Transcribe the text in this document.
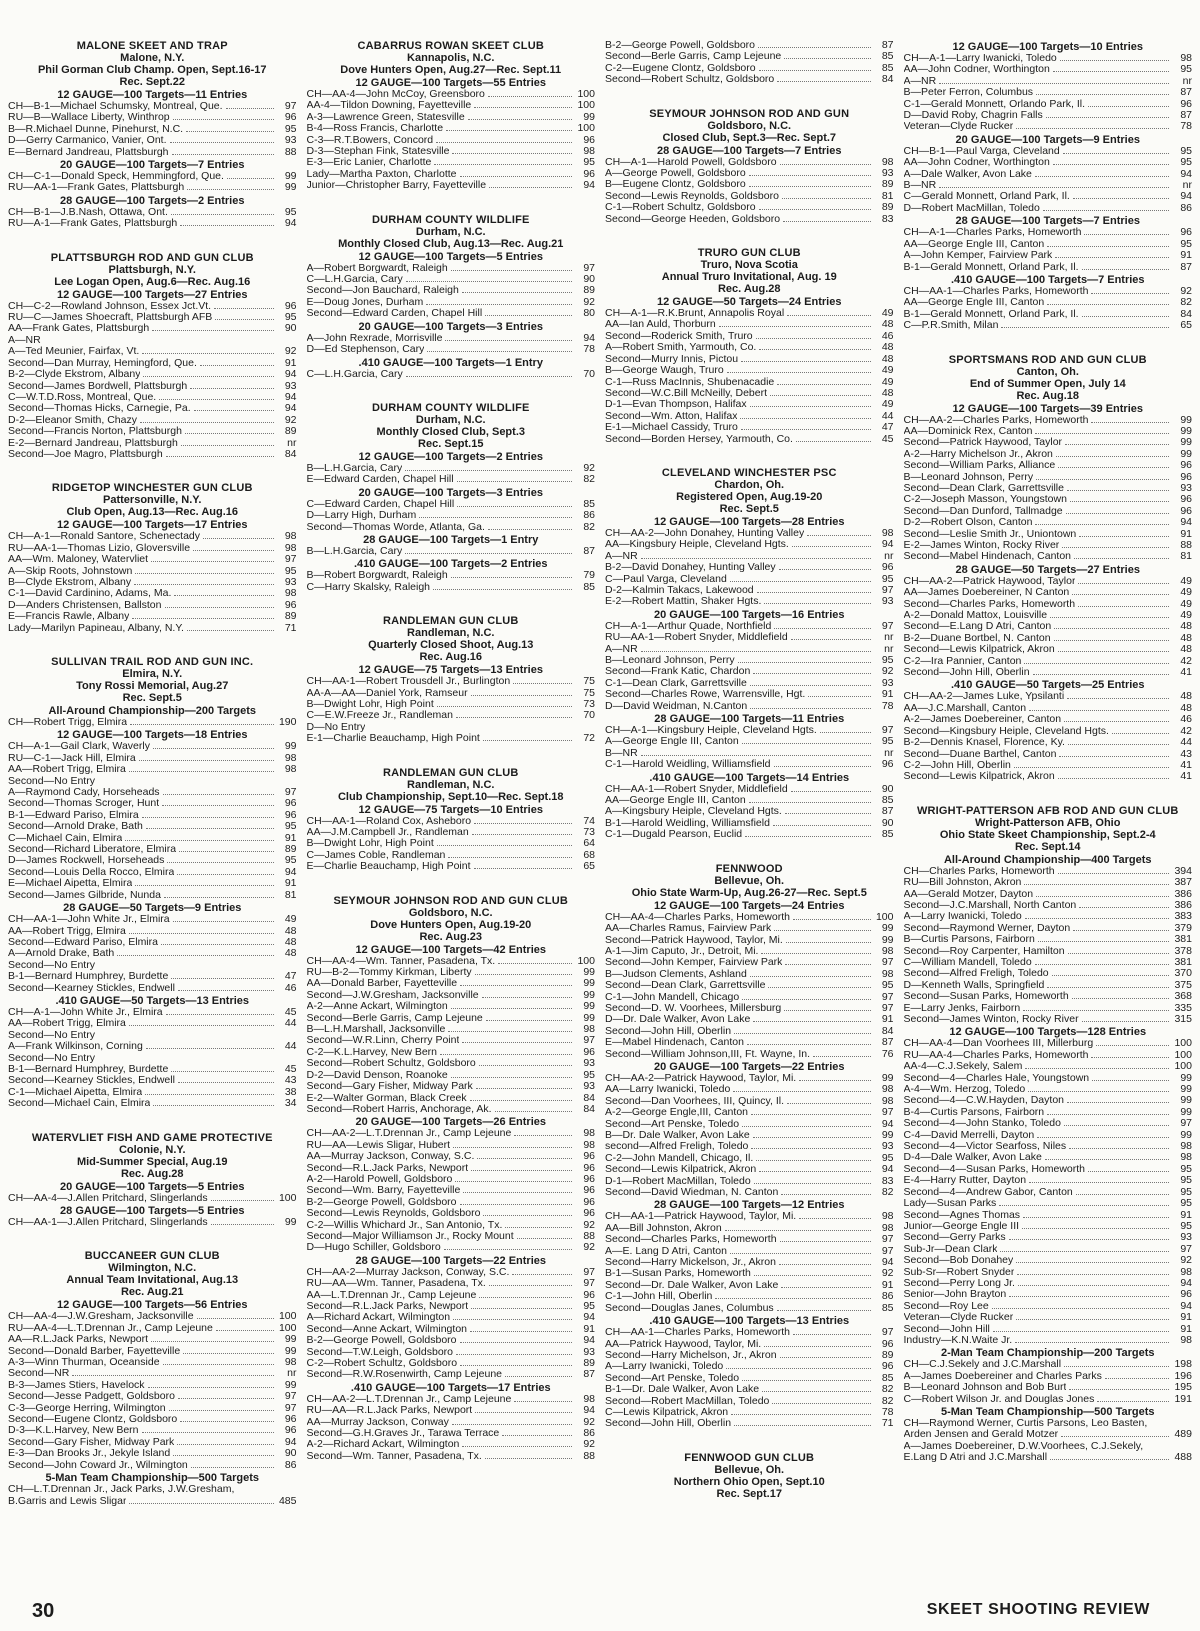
MALONE SKEET AND TRAP
Malone, N.Y.
Phil Gorman Club Champ. Open, Sept.16-17
Rec. Sept.22
12 GAUGE—100 Targets—11 Entries
CH—B-1—Michael Schumsky, Montreal, Que.	97
RU—B—Wallace Liberty, Winthrop	96
B—R.Michael Dunne, Pinehurst, N.C.	95
D—Gerry Carmanico, Vanier, Ont.	93
E—Bernard Jandreau, Plattsburgh	88
20 GAUGE—100 Targets—7 Entries
CH—C-1—Donald Speck, Hemmingford, Que.	99
RU—AA-1—Frank Gates, Plattsburgh	99
28 GAUGE—100 Targets—2 Entries
CH—B-1—J.B.Nash, Ottawa, Ont.	95
RU—A-1—Frank Gates, Plattsburgh	94
PLATTSBURGH ROD AND GUN CLUB
Plattsburgh, N.Y.
Lee Logan Open, Aug.6—Rec. Aug.16
12 GAUGE—100 Targets—27 Entries
CH—C-2—Rowland Johnson, Essex Jct.Vt.	96
RU—C—James Shoecraft, Plattsburgh AFB	95
AA—Frank Gates, Plattsburgh	90
A—NR
A—Ted Meunier, Fairfax, Vt.	92
Second—Dan Murray, Hemingford, Que.	91
B-2—Clyde Ekstrom, Albany	94
Second—James Bordwell, Plattsburgh	93
C—W.T.D.Ross, Montreal, Que.	94
Second—Thomas Hicks, Carnegie, Pa.	94
D-2—Eleanor Smith, Chazy	92
Second—Francis Norton, Plattsburgh	89
E-2—Bernard Jandreau, Plattsburgh	nr
Second—Joe Magro, Plattsburgh	84
RIDGETOP WINCHESTER GUN CLUB
Pattersonville, N.Y.
Club Open, Aug.13—Rec. Aug.16
12 GAUGE—100 Targets—17 Entries
CH—A-1—Ronald Santore, Schenectady	98
RU—AA-1—Thomas Lizio, Gloversville	98
AA—Wm. Maloney, Watervliet	97
A—Skip Roots, Johnstown	95
B—Clyde Ekstrom, Albany	93
C-1—David Cardinino, Adams, Ma.	98
D—Anders Christensen, Ballston	96
E—Francis Rawle, Albany	89
Lady—Marilyn Papineau, Albany, N.Y.	71
SULLIVAN TRAIL ROD AND GUN INC.
Elmira, N.Y.
Tony Rossi Memorial, Aug.27
Rec. Sept.5
All-Around Championship—200 Targets
CH—Robert Trigg, Elmira	190
12 GAUGE—100 Targets—18 Entries
CH—A-1—Gail Clark, Waverly	99
RU—C-1—Jack Hill, Elmira	98
AA—Robert Trigg, Elmira	98
Second—No Entry
A—Raymond Cady, Horseheads	97
Second—Thomas Scroger, Hunt	96
B-1—Edward Pariso, Elmira	96
Second—Arnold Drake, Bath	95
C—Michael Cain, Elmira	91
Second—Richard Liberatore, Elmira	89
D—James Rockwell, Horseheads	95
Second—Louis Della Rocco, Elmira	94
E—Michael Aipetta, Elmira	91
Second—James Gilbride, Nunda	81
28 GAUGE—50 Targets—9 Entries
CH—AA-1—John White Jr., Elmira	49
AA—Robert Trigg, Elmira	48
Second—Edward Pariso, Elmira	48
A—Arnold Drake, Bath	48
Second—No Entry
B-1—Bernard Humphrey, Burdette	47
Second—Kearney Stickles, Endwell	46
.410 GAUGE—50 Targets—13 Entries
CH—A-1—John White Jr., Elmira	45
AA—Robert Trigg, Elmira	44
Second—No Entry
A—Frank Wilkinson, Corning	44
Second—No Entry
B-1—Bernard Humphrey, Burdette	45
Second—Kearney Stickles, Endwell	43
C-1—Michael Aipetta, Elmira	38
Second—Michael Cain, Elmira	34
WATERVLIET FISH AND GAME PROTECTIVE
Colonie, N.Y.
Mid-Summer Special, Aug.19
Rec. Aug.28
20 GAUGE—100 Targets—5 Entries
CH—AA-4—J.Allen Pritchard, Slingerlands	100
28 GAUGE—100 Targets—5 Entries
CH—AA-1—J.Allen Pritchard, Slingerlands	99
BUCCANEER GUN CLUB
Wilmington, N.C.
Annual Team Invitational, Aug.13
Rec. Aug.21
12 GAUGE—100 Targets—56 Entries
CH—AA-4—J.W.Gresham, Jacksonville	100
RU—AA-4—L.T.Drennan Jr., Camp Lejeune	100
AA—R.L.Jack Parks, Newport	99
Second—Donald Barber, Fayetteville	99
A-3—Winn Thurman, Oceanside	98
Second—NR	nr
B-3—James Stiers, Havelock	99
Second—Jesse Padgett, Goldsboro	97
C-3—George Herring, Wilmington	97
Second—Eugene Clontz, Goldsboro	96
D-3—K.L.Harvey, New Bern	96
Second—Gary Fisher, Midway Park	94
E-3—Dan Brooks Jr., Jekyle Island	90
Second—John Coward Jr., Wilmington	86
5-Man Team Championship—500 Targets
CH—L.T.Drennan Jr., Jack Parks, J.W.Gresham,
B.Garris and Lewis Sligar	485
CABARRUS ROWAN SKEET CLUB
Kannapolis, N.C.
Dove Hunters Open, Aug.27—Rec. Sept.11
12 GAUGE—100 Targets—55 Entries
CH—AA-4—John McCoy, Greensboro	100
AA-4—Tildon Downing, Fayetteville	100
A-3—Lawrence Green, Statesville	99
B-4—Ross Francis, Charlotte	100
C-3—R.T.Bowers, Concord	96
D-3—Stephan Fink, Statesville	98
E-3—Eric Lanier, Charlotte	95
Lady—Martha Paxton, Charlotte	96
Junior—Christopher Barry, Fayetteville	94
DURHAM COUNTY WILDLIFE
Durham, N.C.
Monthly Closed Club, Aug.13—Rec. Aug.21
12 GAUGE—100 Targets—5 Entries
A—Robert Borgwardt, Raleigh	97
C—L.H.Garcia, Cary	90
Second—Jon Bauchard, Raleigh	89
E—Doug Jones, Durham	92
Second—Edward Carden, Chapel Hill	80
20 GAUGE—100 Targets—3 Entries
A—John Rexrade, Morrisville	94
D—Ed Stephenson, Cary	78
.410 GAUGE—100 Targets—1 Entry
C—L.H.Garcia, Cary	70
DURHAM COUNTY WILDLIFE
Durham, N.C.
Monthly Closed Club, Sept.3
Rec. Sept.15
12 GAUGE—100 Targets—2 Entries
B—L.H.Garcia, Cary	92
E—Edward Carden, Chapel Hill	82
20 GAUGE—100 Targets—3 Entries
C—Edward Carden, Chapel Hill	85
D—Larry High, Durham	86
Second—Thomas Worde, Atlanta, Ga.	82
28 GAUGE—100 Targets—1 Entry
B—L.H.Garcia, Cary	87
.410 GAUGE—100 Targets—2 Entries
B—Robert Borgwardt, Raleigh	79
C—Harry Skalsky, Raleigh	85
RANDLEMAN GUN CLUB
Randleman, N.C.
Quarterly Closed Shoot, Aug.13
Rec. Aug.16
12 GAUGE—75 Targets—13 Entries
CH—AA-1—Robert Trousdell Jr., Burlington	75
AA-A—AA—Daniel York, Ramseur	75
B—Dwight Lohr, High Point	73
C—E.W.Freeze Jr., Randleman	70
D—No Entry
E-1—Charlie Beauchamp, High Point	72
RANDLEMAN GUN CLUB
Randleman, N.C.
Club Championship, Sept.10—Rec. Sept.18
12 GAUGE—75 Targets—10 Entries
CH—AA-1—Roland Cox, Asheboro	74
AA—J.M.Campbell Jr., Randleman	73
B—Dwight Lohr, High Point	64
C—James Coble, Randleman	68
E—Charlie Beauchamp, High Point	65
SEYMOUR JOHNSON ROD AND GUN CLUB
Goldsboro, N.C.
Dove Hunters Open, Aug.19-20
Rec. Aug.23
12 GAUGE—100 Targets—42 Entries
CH—AA-4—Wm. Tanner, Pasadena, Tx.	100
RU—B-2—Tommy Kirkman, Liberty	99
AA—Donald Barber, Fayetteville	99
Second—J.W.Gresham, Jacksonville	99
A-2—Anne Ackart, Wilmington	99
Second—Berle Garris, Camp Lejeune	99
B—L.H.Marshall, Jacksonville	98
Second—W.R.Linn, Cherry Point	97
C-2—K.L.Harvey, New Bern	96
Second—Robert Schultz, Goldsboro	93
D-2—David Denson, Roanoke	95
Second—Gary Fisher, Midway Park	93
E-2—Walter Gorman, Black Creek	84
Second—Robert Harris, Anchorage, Ak.	84
20 GAUGE—100 Targets—26 Entries
CH—AA-2—L.T.Drennan Jr., Camp Lejeune	98
RU—AA—Lewis Sligar, Hubert	98
AA—Murray Jackson, Conway, S.C.	96
Second—R.L.Jack Parks, Newport	96
A-2—Harold Powell, Goldsboro	96
Second—Wm. Barry, Fayetteville	96
B-2—George Powell, Goldsboro	96
Second—Lewis Reynolds, Goldsboro	96
C-2—Willis Whichard Jr., San Antonio, Tx.	92
Second—Major Williamson Jr., Rocky Mount	88
D—Hugo Schiller, Goldsboro	92
28 GAUGE—100 Targets—22 Entries
CH—AA-2—Murray Jackson, Conway, S.C.	97
RU—AA—Wm. Tanner, Pasadena, Tx.	97
AA—L.T.Drennan Jr., Camp Lejeune	96
Second—R.L.Jack Parks, Newport	95
A—Richard Ackart, Wilmington	94
Second—Anne Ackart, Wilmington	91
B-2—George Powell, Goldsboro	94
Second—T.W.Leigh, Goldsboro	93
C-2—Robert Schultz, Goldsboro	89
Second—R.W.Rosenwirth, Camp Lejeune	87
.410 GAUGE—100 Targets—17 Entries
CH—AA-2—L.T.Drennan Jr., Camp Lejeune	98
RU—AA—R.L.Jack Parks, Newport	94
AA—Murray Jackson, Conway	92
Second—G.H.Graves Jr., Tarawa Terrace	86
A-2—Richard Ackart, Wilmington	92
Second—Wm. Tanner, Pasadena, Tx.	88
B-2—George Powell, Goldsboro	87
Second—Berle Garris, Camp Lejeune	85
C-2—Eugene Clontz, Goldsboro	85
Second—Robert Schultz, Goldsboro	84
SEYMOUR JOHNSON ROD AND GUN
Goldsboro, N.C.
Closed Club, Sept.3—Rec. Sept.7
28 GAUGE—100 Targets—7 Entries
CH—A-1—Harold Powell, Goldsboro	98
A—George Powell, Goldsboro	93
B—Eugene Clontz, Goldsboro	89
Second—Lewis Reynolds, Goldsboro	81
C-1—Robert Schultz, Goldsboro	89
Second—George Heeden, Goldsboro	83
TRURO GUN CLUB
Truro, Nova Scotia
Annual Truro Invitational, Aug. 19
Rec. Aug.28
12 GAUGE—50 Targets—24 Entries
CH—A-1—R.K.Brunt, Annapolis Royal	49
AA—Ian Auld, Thorburn	48
Second—Roderick Smith, Truro	46
A—Robert Smith, Yarmouth, Co.	48
Second—Murry Innis, Pictou	48
B—George Waugh, Truro	49
C-1—Russ MacInnis, Shubenacadie	49
Second—W.C.Bill McNeilly, Debert	48
D-1—Evan Thompson, Halifax	49
Second—Wm. Atton, Halifax	44
E-1—Michael Cassidy, Truro	47
Second—Borden Hersey, Yarmouth, Co.	45
CLEVELAND WINCHESTER PSC
Chardon, Oh.
Registered Open, Aug.19-20
Rec. Sept.5
12 GAUGE—100 Targets—28 Entries
CH—AA-2—John Donahey, Hunting Valley	98
AA—Kingsbury Heiple, Cleveland Hgts.	94
A—NR	nr
B-2—David Donahey, Hunting Valley	96
C—Paul Varga, Cleveland	95
D-2—Kalmin Takacs, Lakewood	97
E-2—Robert Mattin, Shaker Hgts.	93
20 GAUGE—100 Targets—16 Entries
CH—A-1—Arthur Quade, Northfield	97
RU—AA-1—Robert Snyder, Middlefield	nr
A—NR	nr
B—Leonard Johnson, Perry	95
Second—Frank Katic, Chardon	92
C-1—Dean Clark, Garrettsville	93
Second—Charles Rowe, Warrensville, Hgt.	91
D—David Weidman, N.Canton	78
28 GAUGE—100 Targets—11 Entries
CH—A-1—Kingsbury Heiple, Cleveland Hgts.	97
A—George Engle III, Canton	95
B—NR	nr
C-1—Harold Weidling, Williamsfield	96
.410 GAUGE—100 Targets—14 Entries
CH—AA-1—Robert Snyder, Middlefield	90
AA—George Engle III, Canton	85
A—Kingsbury Heiple, Cleveland Hgts.	87
B-1—Harold Weidling, Williamsfield	90
C-1—Dugald Pearson, Euclid	85
FENNWOOD
Bellevue, Oh.
Ohio State Warm-Up, Aug.26-27—Rec. Sept.5
12 GAUGE—100 Targets—24 Entries
CH—AA-4—Charles Parks, Homeworth	100
AA—Charles Ramus, Fairview Park	99
Second—Patrick Haywood, Taylor, Mi.	99
A-1—Jim Caputo, Jr., Detroit, Mi.	98
Second—John Kemper, Fairview Park	97
B—Judson Clements, Ashland	98
Second—Dean Clark, Garrettsville	95
C-1—John Mandell, Chicago	97
Second—D. W. Voorhees, Millersburg	97
D—Dr. Dale Walker, Avon Lake	91
Second—John Hill, Oberlin	84
E—Mabel Hindenach, Canton	87
Second—William Johnson,III, Ft. Wayne, In.	76
20 GAUGE—100 Targets—22 Entries
CH—AA-2—Patrick Haywood, Taylor, Mi.	99
AA—Larry Iwanicki, Toledo	98
Second—Dan Voorhees, III, Quincy, Il.	98
A-2—George Engle,III, Canton	97
Second—Art Penske, Toledo	94
B—Dr. Dale Walker, Avon Lake	99
second—Alfred Freligh, Toledo	93
C-2—John Mandell, Chicago, Il.	95
Second—Lewis Kilpatrick, Akron	94
D-1—Robert MacMillan, Toledo	83
Second—David Wiedman, N. Canton	82
28 GAUGE—100 Targets—12 Entries
CH—AA-1—Patrick Haywood, Taylor, Mi.	98
AA—Bill Johnston, Akron	98
Second—Charles Parks, Homeworth	97
A—E. Lang D Atri, Canton	97
Second—Harry Mickelson, Jr., Akron	94
B-1—Susan Parks, Homeworth	92
Second—Dr. Dale Walker, Avon Lake	91
C-1—John Hill, Oberlin	86
Second—Douglas Janes, Columbus	85
.410 GAUGE—100 Targets—13 Entries
CH—AA-1—Charles Parks, Homeworth	97
AA—Patrick Haywood, Taylor, Mi.	96
Second—Harry Michelson, Jr., Akron	89
A—Larry Iwanicki, Toledo	96
Second—Art Penske, Toledo	85
B-1—Dr. Dale Walker, Avon Lake	82
Second—Robert MacMillan, Toledo	82
C—Lewis Kilpatrick, Akron	78
Second—John Hill, Oberlin	71
FENNWOOD GUN CLUB
Bellevue, Oh.
Northern Ohio Open, Sept.10
Rec. Sept.17
12 GAUGE—100 Targets—10 Entries
CH—A-1—Larry Iwanicki, Toledo	98
AA—John Codner, Worthington	95
A—NR	nr
B—Peter Ferron, Columbus	87
C-1—Gerald Monnett, Orlando Park, Il.	96
D—David Roby, Chagrin Falls	87
Veteran—Clyde Rucker	78
20 GAUGE—100 Targets—9 Entries
CH—B-1—Paul Varga, Cleveland	95
AA—John Codner, Worthington	95
A—Dale Walker, Avon Lake	94
B—NR	nr
C—Gerald Monnett, Orland Park, Il.	94
D—Robert MacMillan, Toledo	86
28 GAUGE—100 Targets—7 Entries
CH—A-1—Charles Parks, Homeworth	96
AA—George Engle III, Canton	95
A—John Kemper, Fairview Park	91
B-1—Gerald Monnett, Orland Park, Il.	87
.410 GAUGE—100 Targets—7 Entries
CH—AA-1—Charles Parks, Homeworth	92
AA—George Engle III, Canton	82
B-1—Gerald Monnett, Orland Park, Il.	84
C—P.R.Smith, Milan	65
SPORTSMANS ROD AND GUN CLUB
Canton, Oh.
End of Summer Open, July 14
Rec. Aug.18
12 GAUGE—100 Targets—39 Entries
CH—AA-2—Charles Parks, Homeworth	99
AA—Dominick Rex, Canton	99
Second—Patrick Haywood, Taylor	99
A-2—Harry Michelson Jr., Akron	99
Second—William Parks, Alliance	96
B—Leonard Johnson, Perry	96
Second—Dean Clark, Garrettsville	93
C-2—Joseph Masson, Youngstown	96
Second—Dan Dunford, Tallmadge	96
D-2—Robert Olson, Canton	94
Second—Leslie Smith Jr., Uniontown	91
E-2—James Winton, Rocky River	88
Second—Mabel Hindenach, Canton	81
28 GAUGE—50 Targets—27 Entries
CH—AA-2—Patrick Haywood, Taylor	49
AA—James Doebereiner, N Canton	49
Second—Charles Parks, Homeworth	49
A-2—Donald Mattox, Louisville	49
Second—E.Lang D Atri, Canton	48
B-2—Duane Bortbel, N. Canton	48
Second—Lewis Kilpatrick, Akron	48
C-2—Ira Pannier, Canton	42
Second—John Hill, Oberlin	41
.410 GAUGE—50 Targets—25 Entries
CH—AA-2—James Luke, Ypsilanti	48
AA—J.C.Marshall, Canton	48
A-2—James Doebereiner, Canton	46
Second—Kingsbury Heiple, Cleveland Hgts.	42
B-2—Dennis Knasel, Florence, Ky.	44
Second—Duane Barthel, Canton	43
C-2—John Hill, Oberlin	41
Second—Lewis Kilpatrick, Akron	41
WRIGHT-PATTERSON AFB ROD AND GUN CLUB
Wright-Patterson AFB, Ohio
Ohio State Skeet Championship, Sept.2-4
Rec. Sept.14
All-Around Championship—400 Targets
CH—Charles Parks, Homeworth	394
RU—Bill Johnston, Akron	387
AA—Gerald Motzer, Dayton	386
Second—J.C.Marshall, North Canton	386
A—Larry Iwanicki, Toledo	383
Second—Raymond Werner, Dayton	379
B—Curtis Parsons, Fairborn	381
Second—Roy Carpenter, Hamilton	378
C—William Mandell, Toledo	381
Second—Alfred Freligh, Toledo	370
D—Kenneth Walls, Springfield	375
Second—Susan Parks, Homeworth	368
E—Larry Jenks, Fairborn	335
Second—James Winton, Rocky River	315
12 GAUGE—100 Targets—128 Entries
CH—AA-4—Dan Voorhees III, Millerburg	100
RU—AA-4—Charles Parks, Homeworth	100
AA-4—C.J.Sekely, Salem	100
Second—4—Charles Hale, Youngstown	99
A-4—Wm. Herzog, Toledo	99
Second—4—C.W.Hayden, Dayton	99
B-4—Curtis Parsons, Fairborn	99
Second—4—John Stanko, Toledo	97
C-4—David Merrelli, Dayton	99
Second—4—Victor Searfoss, Niles	98
D-4—Dale Walker, Avon Lake	98
Second—4—Susan Parks, Homeworth	95
E-4—Harry Rutter, Dayton	95
Second—4—Andrew Gabor, Canton	95
Lady—Susan Parks	95
Second—Agnes Thomas	91
Junior—George Engle III	95
Second—Gerry Parks	93
Sub-Jr—Dean Clark	97
Second—Bob Donahey	92
Sub-Sr—Robert Snyder	98
Second—Perry Long Jr.	94
Senior—John Brayton	96
Second—Roy Lee	94
Veteran—Clyde Rucker	91
Second—John Hill	91
Industry—K.N.Waite Jr.	98
2-Man Team Championship—200 Targets
CH—C.J.Sekely and J.C.Marshall	198
A—James Doebereiner and Charles Parks	196
B—Leonard Johnson and Bob Burt	195
C—Robert Wilson Jr. and Douglas Jones	191
5-Man Team Championship—500 Targets
CH—Raymond Werner, Curtis Parsons, Leo Basten,
Arden Jensen and Gerald Motzer	489
A—James Doebereiner, D.W.Voorhees, C.J.Sekely,
E.Lang D Atri and J.C.Marshall	488
30	SKEET SHOOTING REVIEW
